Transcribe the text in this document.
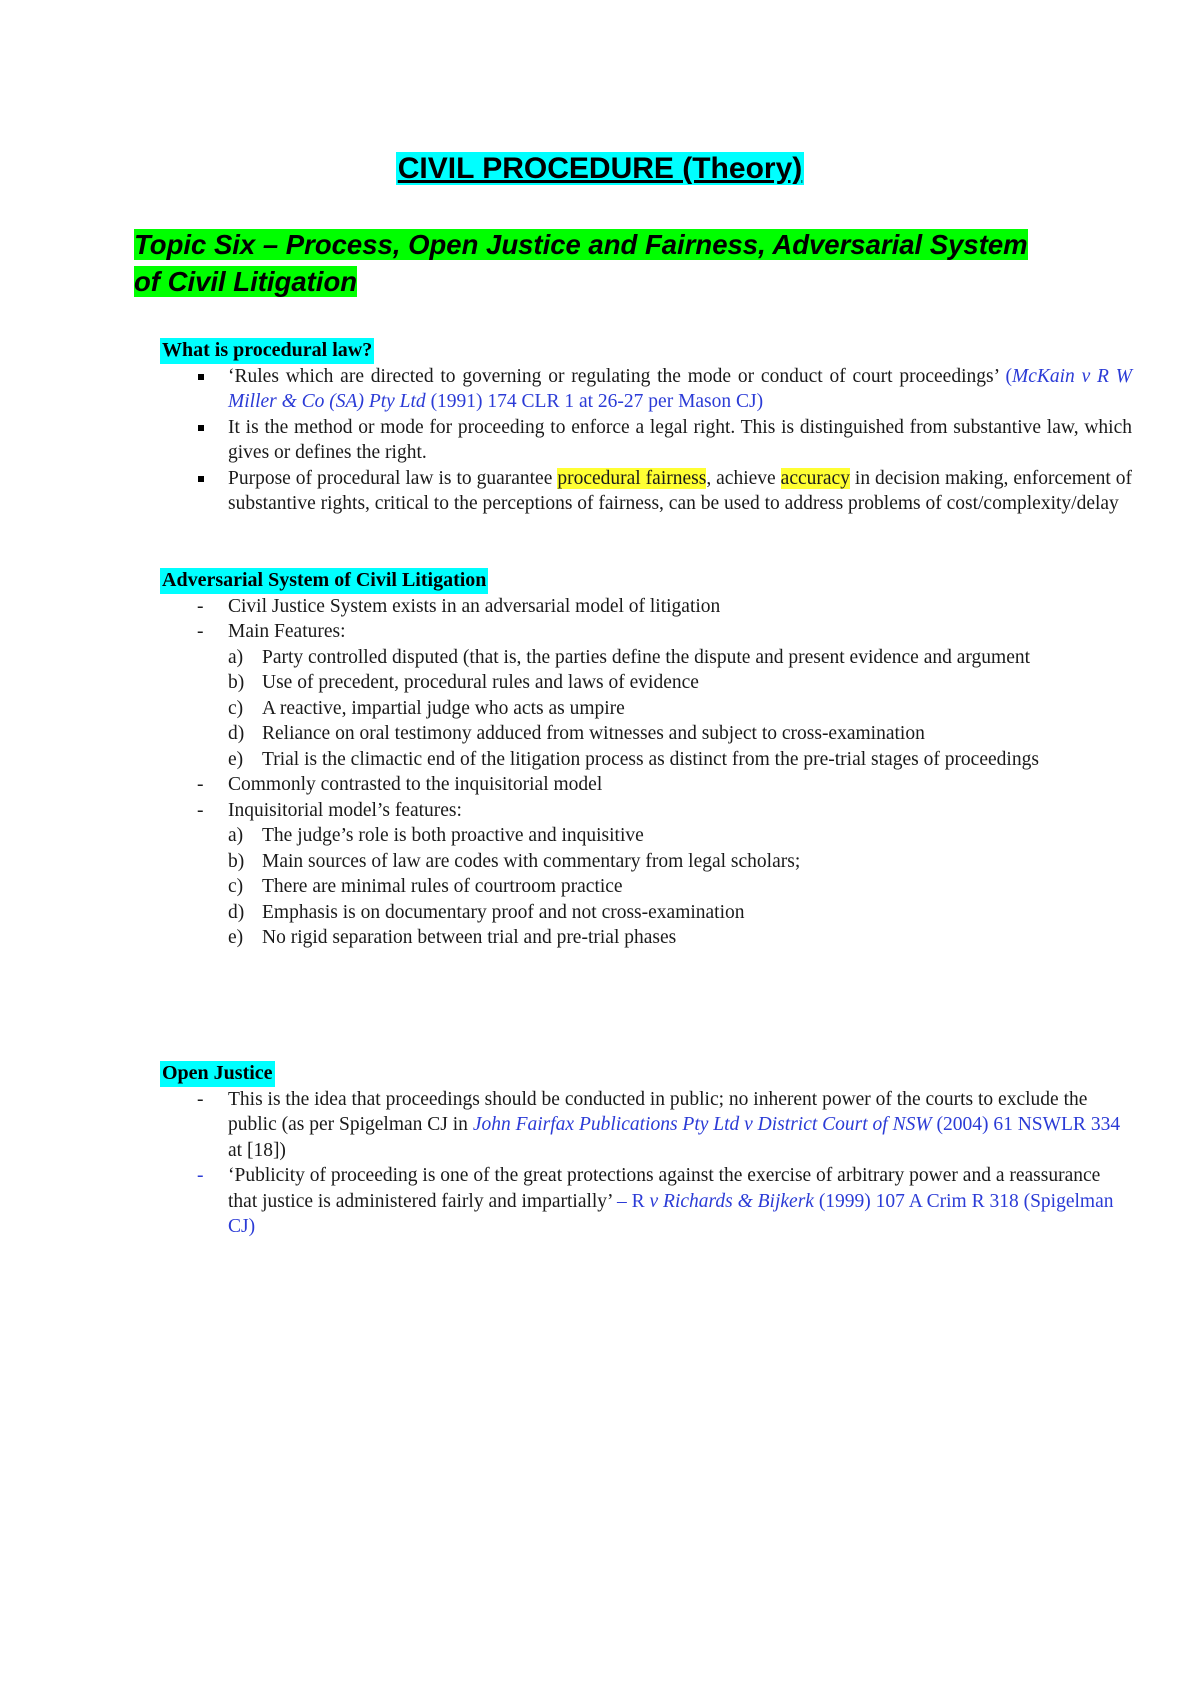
CIVIL PROCEDURE (Theory)
Topic Six – Process, Open Justice and Fairness, Adversarial System
of Civil Litigation
What is procedural law?
‘Rules which are directed to governing or regulating the mode or conduct of court proceedings’ (McKain v R W Miller & Co (SA) Pty Ltd (1991) 174 CLR 1 at 26-27 per Mason CJ)
It is the method or mode for proceeding to enforce a legal right. This is distinguished from substantive law, which gives or defines the right.
Purpose of procedural law is to guarantee procedural fairness, achieve accuracy in decision making, enforcement of substantive rights, critical to the perceptions of fairness, can be used to address problems of cost/complexity/delay
Adversarial System of Civil Litigation
- Civil Justice System exists in an adversarial model of litigation
- Main Features:
a) Party controlled disputed (that is, the parties define the dispute and present evidence and argument
b) Use of precedent, procedural rules and laws of evidence
c) A reactive, impartial judge who acts as umpire
d) Reliance on oral testimony adduced from witnesses and subject to cross-examination
e) Trial is the climactic end of the litigation process as distinct from the pre-trial stages of proceedings
- Commonly contrasted to the inquisitorial model
- Inquisitorial model’s features:
a) The judge’s role is both proactive and inquisitive
b) Main sources of law are codes with commentary from legal scholars;
c) There are minimal rules of courtroom practice
d) Emphasis is on documentary proof and not cross-examination
e) No rigid separation between trial and pre-trial phases
Open Justice
- This is the idea that proceedings should be conducted in public; no inherent power of the courts to exclude the public (as per Spigelman CJ in John Fairfax Publications Pty Ltd v District Court of NSW (2004) 61 NSWLR 334 at [18])
- ‘Publicity of proceeding is one of the great protections against the exercise of arbitrary power and a reassurance that justice is administered fairly and impartially’ – R v Richards & Bijkerk (1999) 107 A Crim R 318 (Spigelman CJ)
